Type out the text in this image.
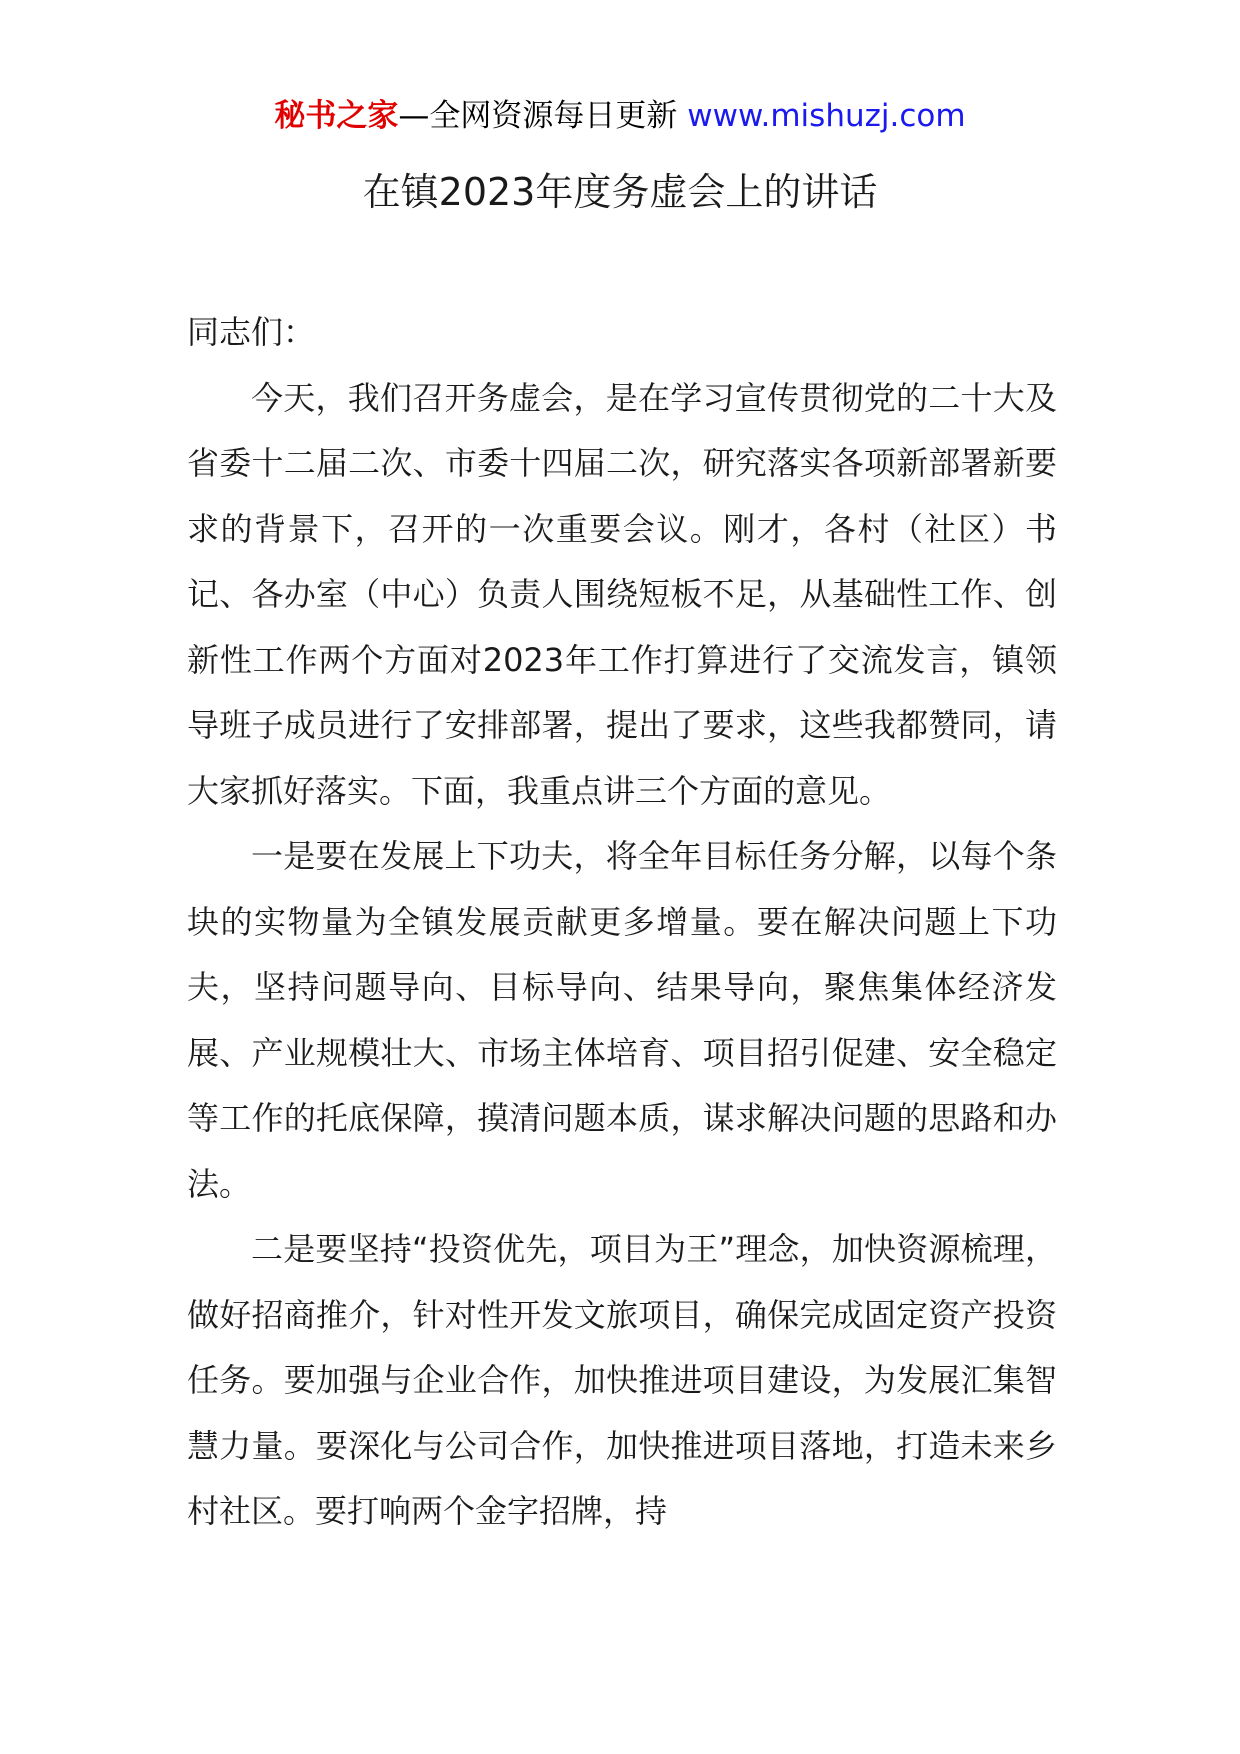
秘书之家—全网资源每日更新 www.mishuzj.com
在镇2023年度务虚会上的讲话

同志们：

今天，我们召开务虚会，是在学习宣传贯彻党的二十大及省委十二届二次、市委十四届二次，研究落实各项新部署新要求的背景下，召开的一次重要会议。刚才，各村（社区）书记、各办室（中心）负责人围绕短板不足，从基础性工作、创新性工作两个方面对2023年工作打算进行了交流发言，镇领导班子成员进行了安排部署，提出了要求，这些我都赞同，请大家抓好落实。下面，我重点讲三个方面的意见。

一是要在发展上下功夫，将全年目标任务分解，以每个条块的实物量为全镇发展贡献更多增量。要在解决问题上下功夫，坚持问题导向、目标导向、结果导向，聚焦集体经济发展、产业规模壮大、市场主体培育、项目招引促建、安全稳定等工作的托底保障，摸清问题本质，谋求解决问题的思路和办法。

二是要坚持“投资优先，项目为王”理念，加快资源梳理，做好招商推介，针对性开发文旅项目，确保完成固定资产投资任务。要加强与企业合作，加快推进项目建设，为发展汇集智慧力量。要深化与公司合作，加快推进项目落地，打造未来乡村社区。要打响两个金字招牌，持
